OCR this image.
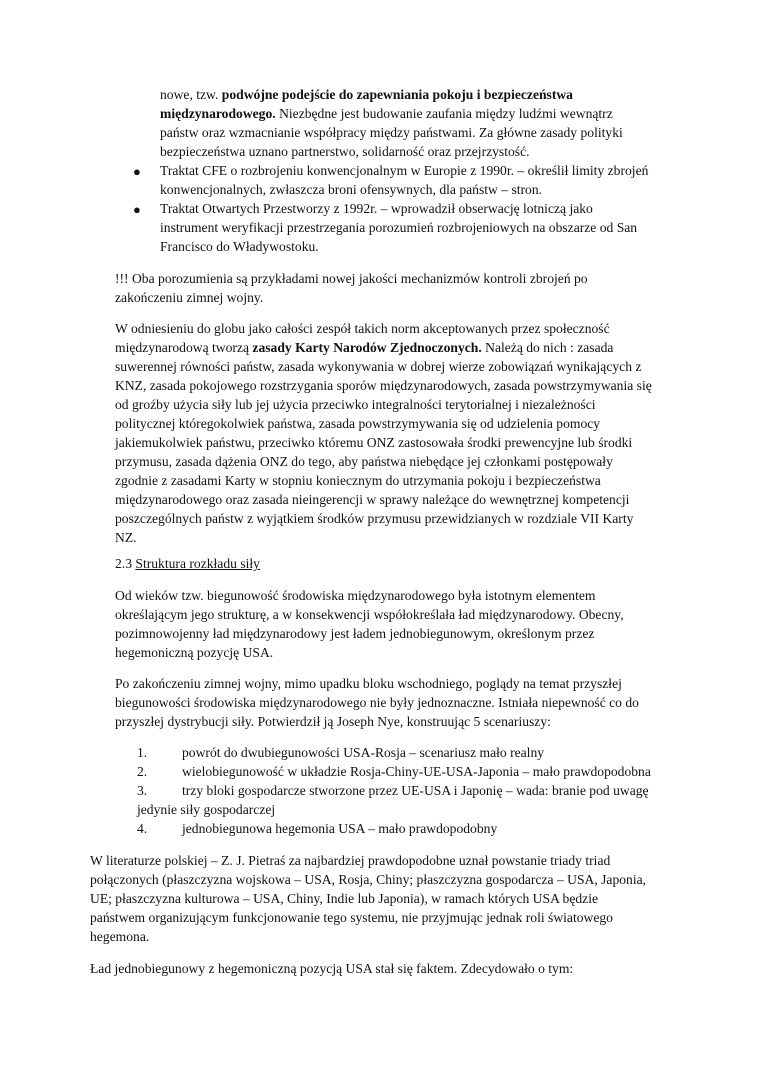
nowe, tzw. podwójne podejście do zapewniania pokoju i bezpieczeństwa
międzynarodowego. Niezbędne jest budowanie zaufania między ludźmi wewnątrz
państw oraz wzmacnianie współpracy między państwami. Za główne zasady polityki
bezpieczeństwa uznano partnerstwo, solidarność oraz przejrzystość.
● Traktat CFE o rozbrojeniu konwencjonalnym w Europie z 1990r. – określił limity zbrojeń
konwencjonalnych, zwłaszcza broni ofensywnych, dla państw – stron.
● Traktat Otwartych Przestworzy z 1992r. – wprowadził obserwację lotniczą jako
instrument weryfikacji przestrzegania porozumień rozbrojeniowych na obszarze od San
Francisco do Władywostoku.
!!! Oba porozumienia są przykładami nowej jakości mechanizmów kontroli zbrojeń po
zakończeniu zimnej wojny.
W odniesieniu do globu jako całości zespół takich norm akceptowanych przez społeczność
międzynarodową tworzą zasady Karty Narodów Zjednoczonych. Należą do nich : zasada
suwerennej równości państw, zasada wykonywania w dobrej wierze zobowiązań wynikających z
KNZ, zasada pokojowego rozstrzygania sporów międzynarodowych, zasada powstrzymywania się
od groźby użycia siły lub jej użycia przeciwko integralności terytorialnej i niezależności
politycznej któregokolwiek państwa, zasada powstrzymywania się od udzielenia pomocy
jakiemukolwiek państwu, przeciwko któremu ONZ zastosowała środki prewencyjne lub środki
przymusu, zasada dążenia ONZ do tego, aby państwa niebędące jej członkami postępowały
zgodnie z zasadami Karty w stopniu koniecznym do utrzymania pokoju i bezpieczeństwa
międzynarodowego oraz zasada nieingerencji w sprawy należące do wewnętrznej kompetencji
poszczególnych państw z wyjątkiem środków przymusu przewidzianych w rozdziale VII Karty
NZ.
2.3 Struktura rozkładu siły
Od wieków tzw. biegunowość środowiska międzynarodowego była istotnym elementem
określającym jego strukturę, a w konsekwencji współokreślała ład międzynarodowy. Obecny,
pozimnowojenny ład międzynarodowy jest ładem jednobiegunowym, określonym przez
hegemoniczną pozycję USA.
Po zakończeniu zimnej wojny, mimo upadku bloku wschodniego, poglądy na temat przyszłej
biegunowości środowiska międzynarodowego nie były jednoznaczne. Istniała niepewność co do
przyszłej dystrybucji siły. Potwierdził ją Joseph Nye, konstruując 5 scenariuszy:
1.	powrót do dwubiegunowości USA-Rosja – scenariusz mało realny
2.	wielobiegunowość w układzie Rosja-Chiny-UE-USA-Japonia – mało prawdopodobna
3.	trzy bloki gospodarcze stworzone przez UE-USA i Japonię – wada: branie pod uwagę
jedynie siły gospodarczej
4.	jednobiegunowa hegemonia USA – mało prawdopodobny
W literaturze polskiej – Z. J. Pietraś za najbardziej prawdopodobne uznał powstanie triady triad
połączonych (płaszczyzna wojskowa – USA, Rosja, Chiny; płaszczyzna gospodarcza – USA, Japonia,
UE; płaszczyzna kulturowa – USA, Chiny, Indie lub Japonia), w ramach których USA będzie
państwem organizującym funkcjonowanie tego systemu, nie przyjmując jednak roli światowego
hegemona.
Ład jednobiegunowy z hegemoniczną pozycją USA stał się faktem. Zdecydowało o tym:
